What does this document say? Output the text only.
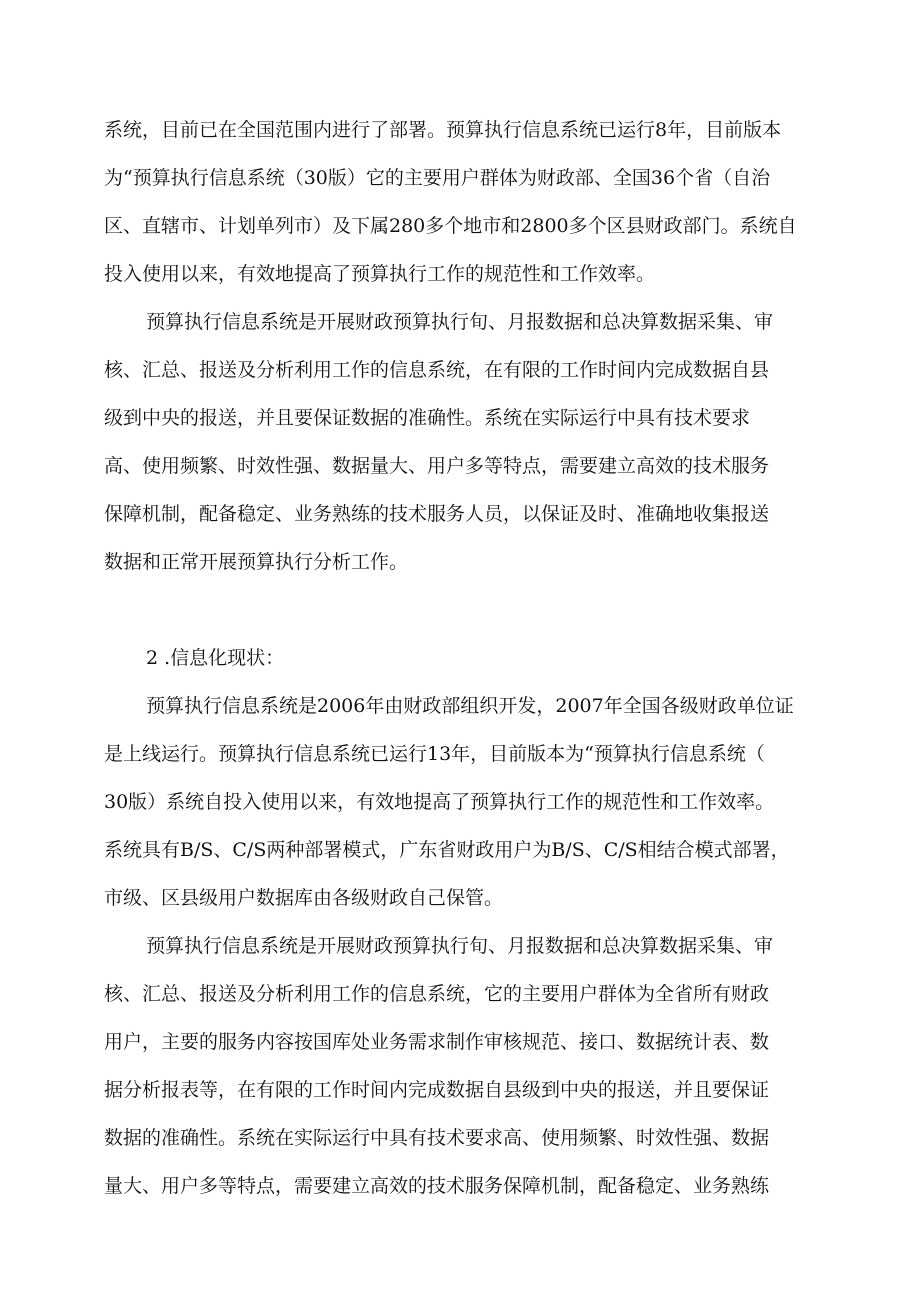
系统，目前已在全国范围内进行了部署。预算执行信息系统已运行8年，目前版本
为“预算执行信息系统（30版）它的主要用户群体为财政部、全国36个省（自治
区、直辖市、计划单列市）及下属280多个地市和2800多个区县财政部门。系统自
投入使用以来，有效地提高了预算执行工作的规范性和工作效率。
预算执行信息系统是开展财政预算执行旬、月报数据和总决算数据采集、审
核、汇总、报送及分析利用工作的信息系统，在有限的工作时间内完成数据自县
级到中央的报送，并且要保证数据的准确性。系统在实际运行中具有技术要求
高、使用频繁、时效性强、数据量大、用户多等特点，需要建立高效的技术服务
保障机制，配备稳定、业务熟练的技术服务人员，以保证及时、准确地收集报送
数据和正常开展预算执行分析工作。
2 .信息化现状：
预算执行信息系统是2006年由财政部组织开发，2007年全国各级财政单位证
是上线运行。预算执行信息系统已运行13年，目前版本为“预算执行信息系统（
30版）系统自投入使用以来，有效地提高了预算执行工作的规范性和工作效率。
系统具有B/S、C/S两种部署模式，广东省财政用户为B/S、C/S相结合模式部署，
市级、区县级用户数据库由各级财政自己保管。
预算执行信息系统是开展财政预算执行旬、月报数据和总决算数据采集、审
核、汇总、报送及分析利用工作的信息系统，它的主要用户群体为全省所有财政
用户，主要的服务内容按国库处业务需求制作审核规范、接口、数据统计表、数
据分析报表等，在有限的工作时间内完成数据自县级到中央的报送，并且要保证
数据的准确性。系统在实际运行中具有技术要求高、使用频繁、时效性强、数据
量大、用户多等特点，需要建立高效的技术服务保障机制，配备稳定、业务熟练
